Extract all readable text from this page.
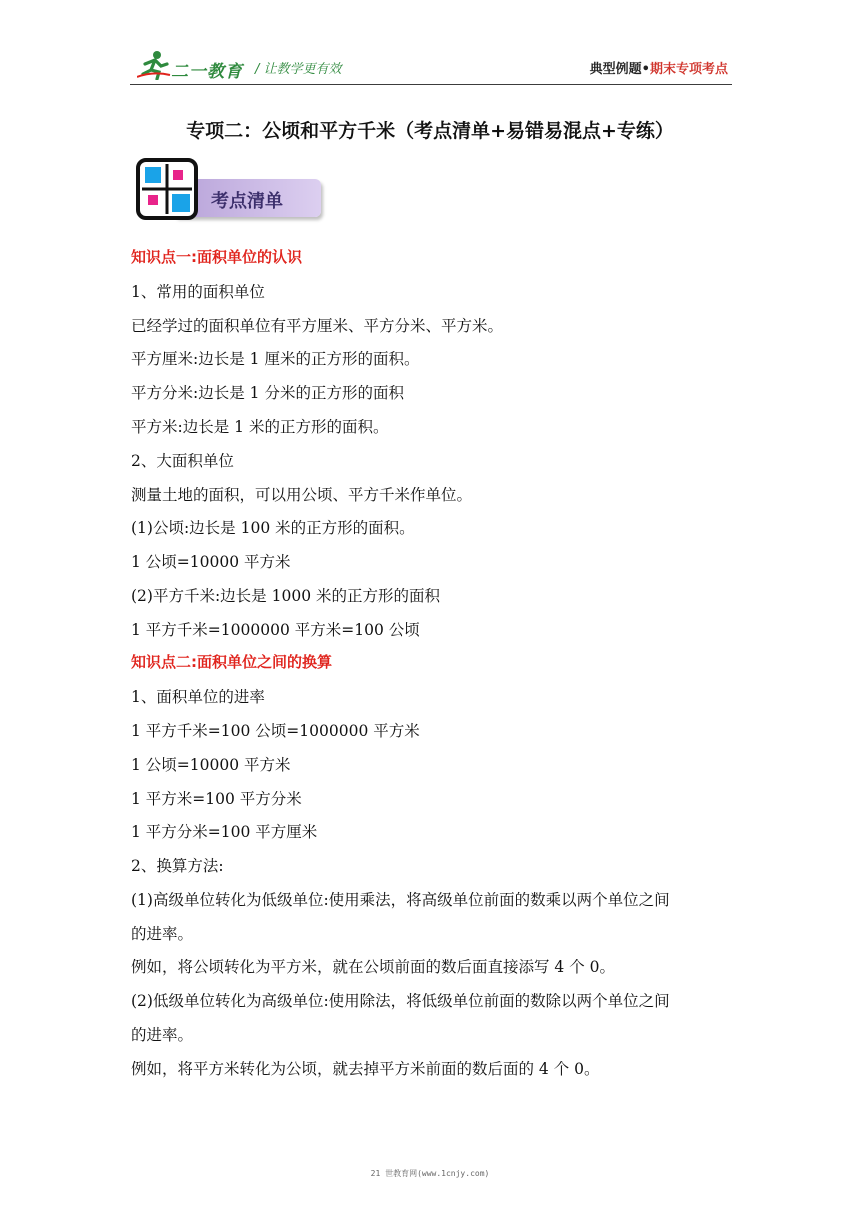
二一教育 / 让教学更有效	典型例题•期末专项考点
专项二：公顷和平方千米（考点清单+易错易混点+专练）
考点清单
知识点一:面积单位的认识
1、常用的面积单位
已经学过的面积单位有平方厘米、平方分米、平方米。
平方厘米:边长是 1 厘米的正方形的面积。
平方分米:边长是 1 分米的正方形的面积
平方米:边长是 1 米的正方形的面积。
2、大面积单位
测量土地的面积，可以用公顷、平方千米作单位。
(1)公顷:边长是 100 米的正方形的面积。
1 公顷=10000 平方米
(2)平方千米:边长是 1000 米的正方形的面积
1 平方千米=1000000 平方米=100 公顷
知识点二:面积单位之间的换算
1、面积单位的进率
1 平方千米=100 公顷=1000000 平方米
1 公顷=10000 平方米
1 平方米=100 平方分米
1 平方分米=100 平方厘米
2、换算方法:
(1)高级单位转化为低级单位:使用乘法，将高级单位前面的数乘以两个单位之间
的进率。
例如，将公顷转化为平方米，就在公顷前面的数后面直接添写 4 个 0。
(2)低级单位转化为高级单位:使用除法，将低级单位前面的数除以两个单位之间
的进率。
例如，将平方米转化为公顷，就去掉平方米前面的数后面的 4 个 0。
21 世教育网(www.1cnjy.com)
